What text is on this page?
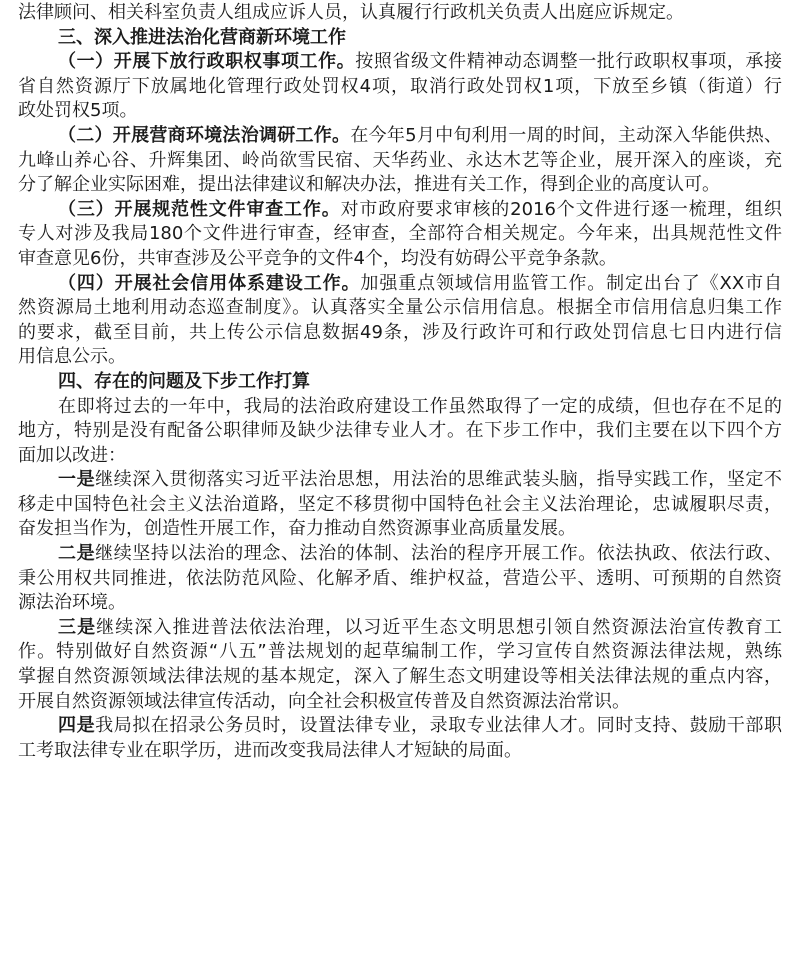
法律顾问、相关科室负责人组成应诉人员，认真履行行政机关负责人出庭应诉规定。
三、深入推进法治化营商新环境工作
（一）开展下放行政职权事项工作。按照省级文件精神动态调整一批行政职权事项，承接
省自然资源厅下放属地化管理行政处罚权4项，取消行政处罚权1项，下放至乡镇（街道）行
政处罚权5项。
（二）开展营商环境法治调研工作。在今年5月中旬利用一周的时间，主动深入华能供热、
九峰山养心谷、升辉集团、岭尚欲雪民宿、天华药业、永达木艺等企业，展开深入的座谈，充
分了解企业实际困难，提出法律建议和解决办法，推进有关工作，得到企业的高度认可。
（三）开展规范性文件审查工作。对市政府要求审核的2016个文件进行逐一梳理，组织
专人对涉及我局180个文件进行审查，经审查，全部符合相关规定。今年来，出具规范性文件
审查意见6份，共审查涉及公平竞争的文件4个，均没有妨碍公平竞争条款。
（四）开展社会信用体系建设工作。加强重点领域信用监管工作。制定出台了《XX市自
然资源局土地利用动态巡查制度》。认真落实全量公示信用信息。根据全市信用信息归集工作
的要求，截至目前，共上传公示信息数据49条，涉及行政许可和行政处罚信息七日内进行信
用信息公示。
四、存在的问题及下步工作打算
在即将过去的一年中，我局的法治政府建设工作虽然取得了一定的成绩，但也存在不足的
地方，特别是没有配备公职律师及缺少法律专业人才。在下步工作中，我们主要在以下四个方
面加以改进：
一是继续深入贯彻落实习近平法治思想，用法治的思维武装头脑，指导实践工作，坚定不
移走中国特色社会主义法治道路，坚定不移贯彻中国特色社会主义法治理论，忠诚履职尽责，
奋发担当作为，创造性开展工作，奋力推动自然资源事业高质量发展。
二是继续坚持以法治的理念、法治的体制、法治的程序开展工作。依法执政、依法行政、
秉公用权共同推进，依法防范风险、化解矛盾、维护权益，营造公平、透明、可预期的自然资
源法治环境。
三是继续深入推进普法依法治理，以习近平生态文明思想引领自然资源法治宣传教育工
作。特别做好自然资源“八五”普法规划的起草编制工作，学习宣传自然资源法律法规，熟练
掌握自然资源领域法律法规的基本规定，深入了解生态文明建设等相关法律法规的重点内容，
开展自然资源领域法律宣传活动，向全社会积极宣传普及自然资源法治常识。
四是我局拟在招录公务员时，设置法律专业，录取专业法律人才。同时支持、鼓励干部职
工考取法律专业在职学历，进而改变我局法律人才短缺的局面。
